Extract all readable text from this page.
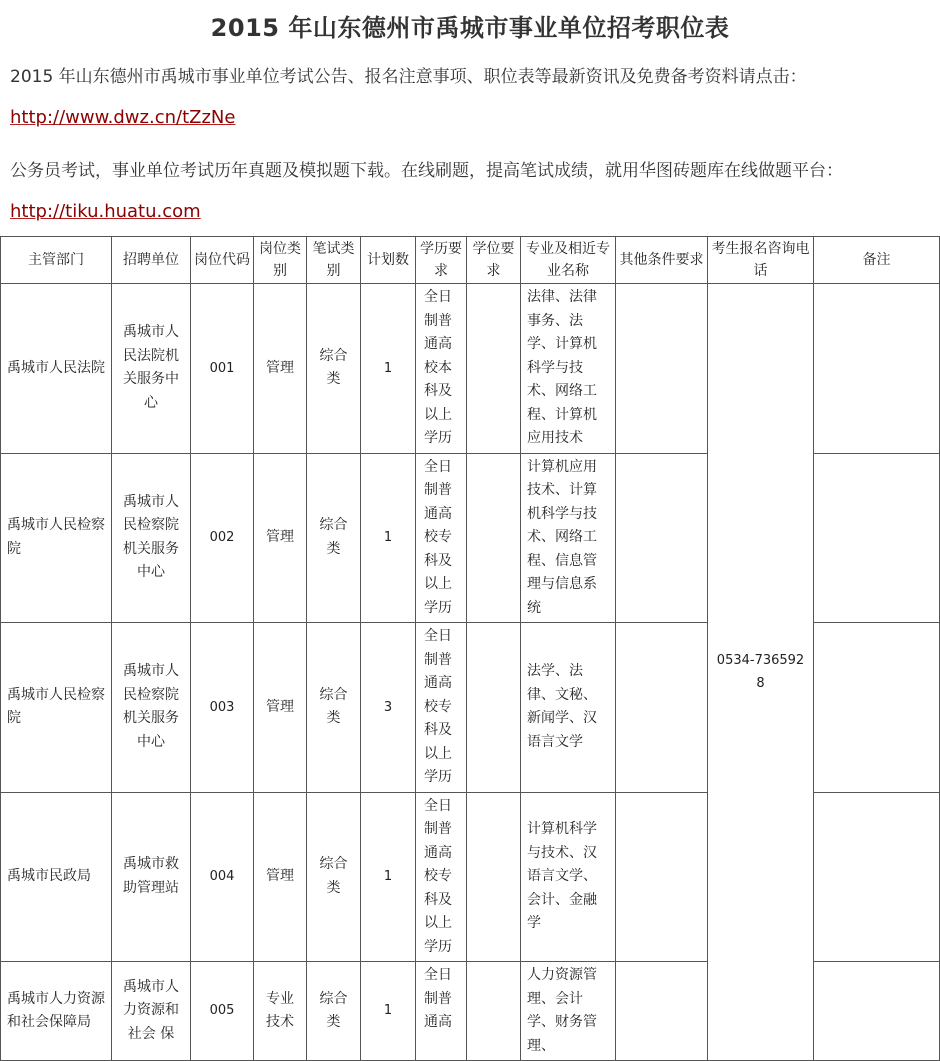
2015 年山东德州市禹城市事业单位招考职位表
2015 年山东德州市禹城市事业单位考试公告、报名注意事项、职位表等最新资讯及免费备考资料请点击：
http://www.dwz.cn/tZzNe
公务员考试，事业单位考试历年真题及模拟题下载。在线刷题，提高笔试成绩，就用华图砖题库在线做题平台：
http://tiku.huatu.com
主管部门	招聘单位	岗位代码	岗位类别	笔试类别	计划数	学历要求	学位要求	专业及相近专业名称	其他条件要求	考生报名咨询电话	备注
禹城市人民法院	禹城市人民法院机关服务中心	001	管理	综合类	1	全日制普通高校本科及以上学历		法律、法律事务、法学、计算机科学与技术、网络工程、计算机应用技术		0534-7365928	
禹城市人民检察院	禹城市人民检察院机关服务中心	002	管理	综合类	1	全日制普通高校专科及以上学历		计算机应用技术、计算机科学与技术、网络工程、信息管理与信息系统			
禹城市人民检察院	禹城市人民检察院机关服务中心	003	管理	综合类	3	全日制普通高校专科及以上学历		法学、法律、文秘、新闻学、汉语言文学			
禹城市民政局	禹城市救助管理站	004	管理	综合类	1	全日制普通高校专科及以上学历		计算机科学与技术、汉语言文学、会计、金融学			
禹城市人力资源和社会保障局	禹城市人力资源和社会 保	005	专业技术	综合类	1	全日制普通高		人力资源管理、会计学、财务管理、			
